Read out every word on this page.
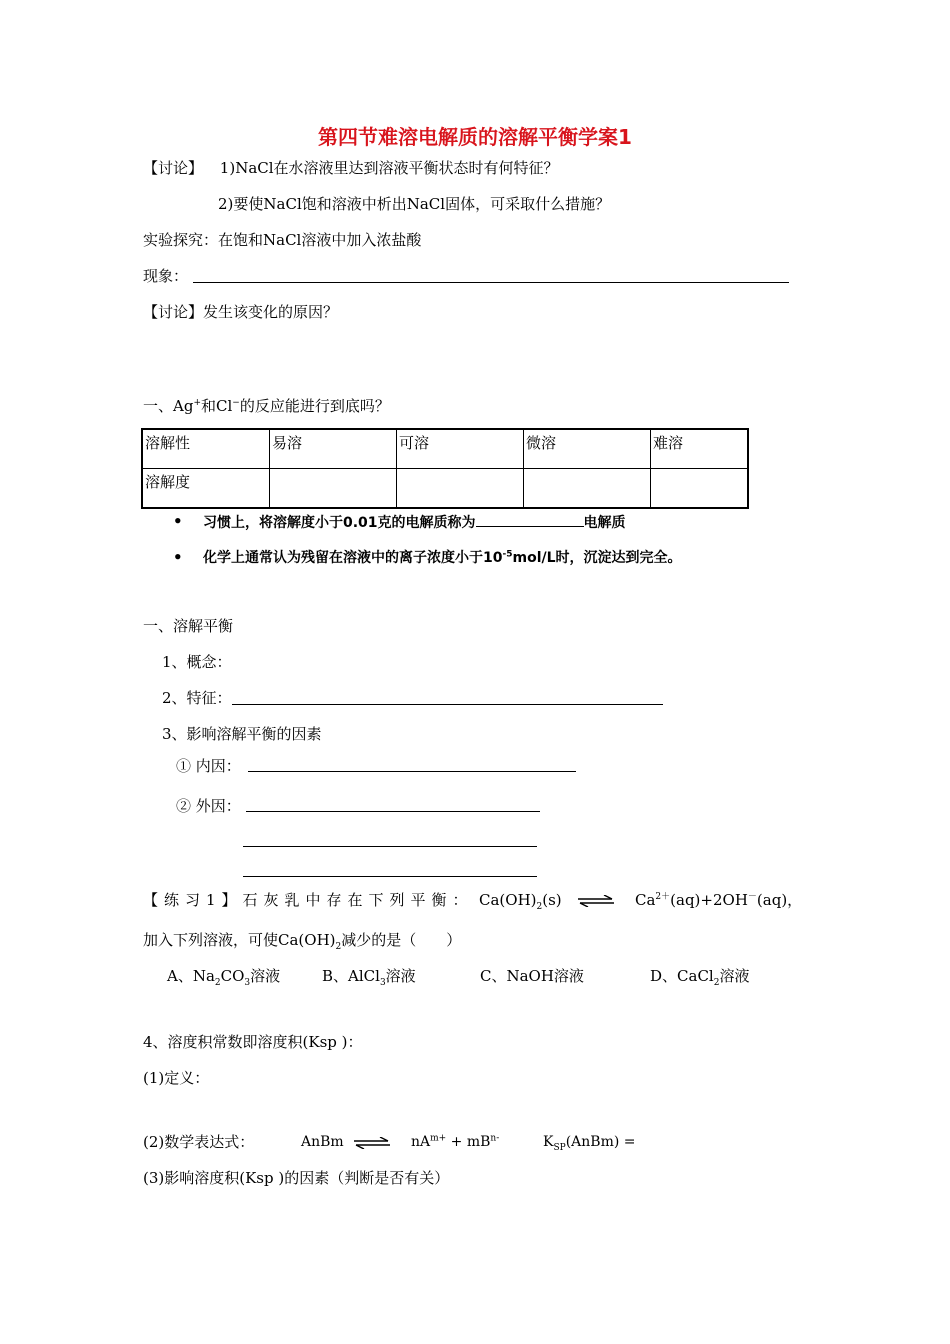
第四节难溶电解质的溶解平衡学案1
【讨论】 1)NaCl在水溶液里达到溶液平衡状态时有何特征？
2)要使NaCl饱和溶液中析出NaCl固体，可采取什么措施？
实验探究：在饱和NaCl溶液中加入浓盐酸
现象：
【讨论】发生该变化的原因？
一、Ag+和Cl−的反应能进行到底吗？
溶解性	易溶	可溶	微溶	难溶
溶解度				
• 习惯上，将溶解度小于0.01克的电解质称为	电解质
• 化学上通常认为残留在溶液中的离子浓度小于$10^{-5}mol/L$时，沉淀达到完全。
一、溶解平衡
1、概念：
2、特征：
3、影响溶解平衡的因素
① 内因：
② 外因：
【练习1】石灰乳中存在下列平衡： $Ca(OH)_2(s)$ ⇌ $Ca^{2+}(aq)+2OH^-(aq)$，
加入下列溶液，可使$Ca(OH)_2$减少的是（　　）
A、$Na_2CO_3$溶液	B、AlCl$_3$溶液	C、NaOH溶液	D、CaCl$_2$溶液
4、溶度积常数即溶度积(Ksp )：
(1)定义：
(2)数学表达式：	AnBm ⇌ $nA^{m+} + mB^{n-}$	$K_{SP}(AnBm)$ =
(3)影响溶度积(Ksp )的因素（判断是否有关）
